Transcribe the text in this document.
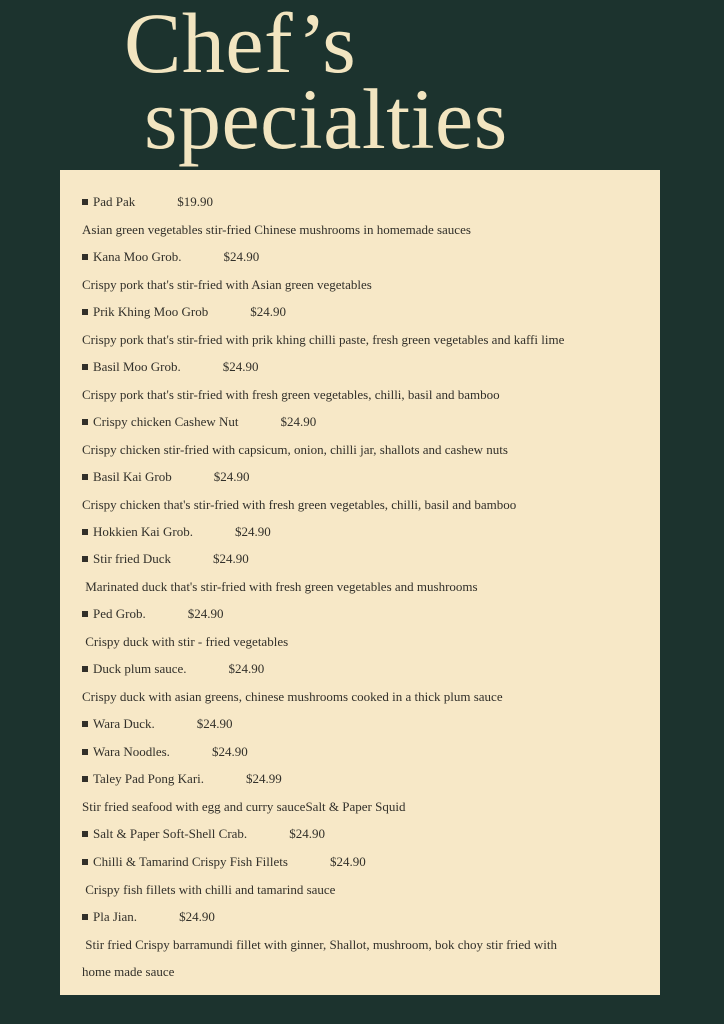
Chef’s
specialties
Pad Pak	$19.90

Asian green vegetables stir-fried Chinese mushrooms in homemade sauces

Kana Moo Grob.	$24.90

Crispy pork that's stir-fried with Asian green vegetables

Prik Khing Moo Grob	$24.90

Crispy pork that's stir-fried with prik khing chilli paste, fresh green vegetables and kaffi lime

Basil Moo Grob.	$24.90

Crispy pork that's stir-fried with fresh green vegetables, chilli, basil and bamboo

Crispy chicken Cashew Nut	$24.90

Crispy chicken stir-fried with capsicum, onion, chilli jar, shallots and cashew nuts

Basil Kai Grob	$24.90

Crispy chicken that's stir-fried with fresh green vegetables, chilli, basil and bamboo

Hokkien Kai Grob.	$24.90
Stir fried Duck	$24.90

Marinated duck that's stir-fried with fresh green vegetables and mushrooms

Ped Grob.	$24.90

Crispy duck with stir - fried vegetables

Duck plum sauce.	$24.90

Crispy duck with asian greens, chinese mushrooms cooked in a thick plum sauce

Wara Duck.	$24.90
Wara Noodles.	$24.90
Taley Pad Pong Kari.	$24.99

Stir fried seafood with egg and curry sauceSalt & Paper Squid

Salt & Paper Soft-Shell Crab.	$24.90
Chilli & Tamarind Crispy Fish Fillets	$24.90

Crispy fish fillets with chilli and tamarind sauce

Pla Jian.	$24.90

Stir fried Crispy barramundi fillet with ginner, Shallot, mushroom, bok choy stir fried with

home made sauce
